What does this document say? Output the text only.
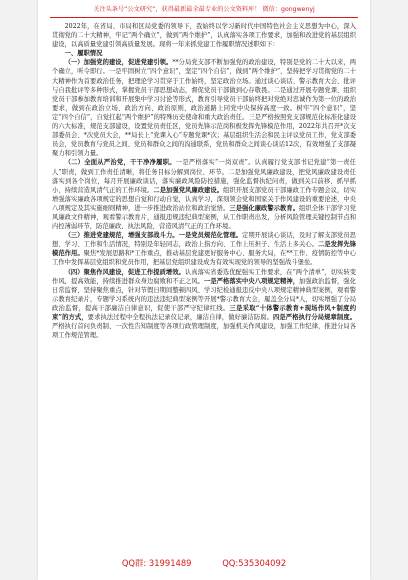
关注头条号“公文研究”，获得最新最全最专业的公文资料库！ 微信：gongwenyj

2022年，在省局、市局和区局党委的领导下，我始终以学习新时代中国特色社会主义思想为中心，深入贯彻党的二十大精神，牢记“两个确立”，做到“两个维护”，认真落实各项工作要求，加强和改进党的基层组织建设，以高质量党建引领高质量发展。现将一年来抓党建工作履职情况述职如下：

一、履职情况

（一）加强党的建设，促进党建引领。**分局党支部不断加强党的政治建设，特别是党的二十大以来，两个确立，听令即行。一是牢固树立“四个意识”，坚定“四个自信”，做到“两个维护”，坚持把学习贯彻党的二十大精神作为首要政治任务，把理论学习贯穿于工作始终，坚定政治立场。通过谈心谈话、警示教育大会、批评与自我批评等多种形式，掌握党员干部思想动态，督促党员干部做到心存敬畏。二是通过开展专题党课、组织党员干部参加教育培训和开展集中学习讨论等形式，教育引导党员干部始终把对党绝对忠诚作为第一位的政治要求，做到在政治立场、政治方向、政治原则、政治道路上同党中央保持高度一致。树牢“四个意识”，坚定“四个自信”，自觉扛起“两个维护”的特殊历史使命和重大政治责任。三是严格按照党支部规范化标准化建设的六大标准，规范支部建设，设置党员责任区，党员先锋示范岗积极发挥先锋模范作用，2022年共召开*次支部委员会、*次党员大会，**局长上“党课入心”专题党课*次；基层组织生活会和民主评议党员工作，党支部委员会，党员教育与党员之间、党员和群众之间的沟通联系，党员和群众之间谈心谈话12次，有效增强了支部凝聚力和引领力量。

（二）全面从严治党，干干净净履职。一是严格落实“一岗双责”。认真履行党支部书记党建“第一责任人”职责，做到工作责任清晰，将任务目标分解到岗位、环节。二是加强党风廉政建设，把党风廉政建设责任落实到各个岗位，每月开展廉政谈话，落实廉政风险防控措施，强化监督执纪问责，做到关口前移、抓早抓小，持续营造风清气正的工作环境。二是加强党风廉政建设。组织开展支部党员干部廉政工作专题会议，切实增强落实廉政各项规定的思想自觉和行动自觉，认真学习，深刻领会党和国家关于作风建设的重要论述，中央八项规定及其实施细则精神，进一步推进政治站位和政治觉悟。三是强化廉政警示教育。组织全体干部学习党风廉政文件精神，观看警示教育片，通报违规违纪典型案例，从工作职责出发，分析风险管理关键控制节点和内控薄弱环节，防范廉政、执法风险，营造风清气正的工作环境。

（三）推进党建规范，增强支部战斗力。一是党员规范化管理。定期开展谈心谈话，及时了解支部党员思想、学习、工作和生活情况，特别是年轻同志，政治上指方向、工作上压担子、生活上多关心。二是发挥先锋模范作用。聚焦*发展思路和*工作重点，推动基层党建更好服务中心、服务大局，在**工作、疫情防控等中心工作中发挥基层党组织和党员作用，把基层党组织建设成为有效实现党的领导的坚强战斗堡垒。

（四）聚焦作风建设，促进工作提质增效。认真落实省委选优配强实工作要求，在“两个清单”，切实转变作风，提高效能，持续推进群众身边腐败和不正之风。一是严格落实中央八项规定精神，加强政治监督，强化日常监督，坚持聚焦重点，针对节假日期间整顿四风、学习纪检通报违反中央八项规定精神典型案例，观看警示教育纪录片，专题学习系统内的违法违纪典型案例等开展*警示教育大会，履盖全分局*人，切实增强了分局政治监督，提高干部廉洁自律意识，促使干部严守纪律红线。三是采取“十体警示教育+现场作风+制度约束”的方式，要求执法过程中全程执法记录仪记录，廉洁自律，做好廉洁防腐。四是严格执行分局规章制度。严格执行首问负责制、一次性告知制度等各项行政管理制度，加强机关作风建设，加强工作纪律，推进分局各项工作规范管理。

QQ群: 31991489	QQ:535304092
